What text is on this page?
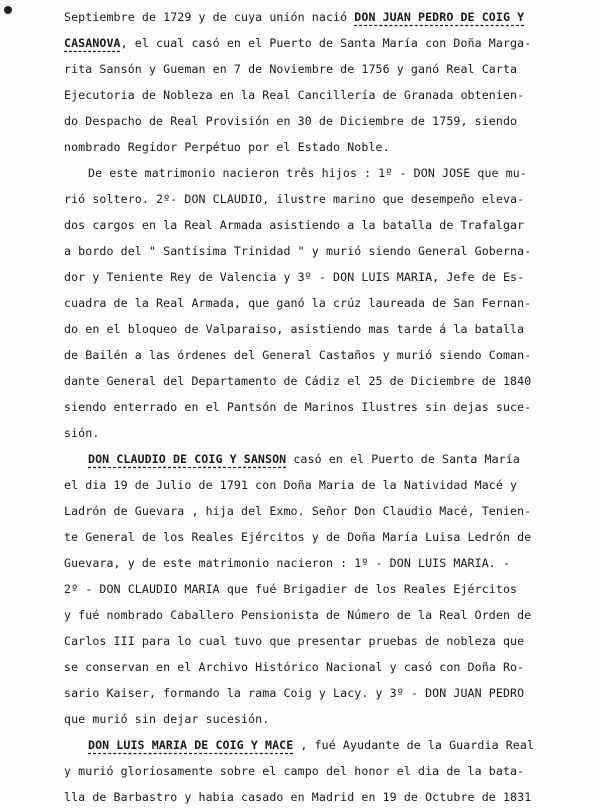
Septiembre de 1729 y de cuya unión nació DON JUAN PEDRO DE COIG Y
CASANOVA, el cual casó en el Puerto de Santa María con Doña Marga-
rita Sansón y Gueman en 7 de Noviembre de 1756 y ganó Real Carta
Ejecutoria de Nobleza en la Real Cancillería de Granada obtenien-
do Despacho de Real Provisión en 30 de Diciembre de 1759, siendo
nombrado Regidor Perpétuo por el Estado Noble.
De este matrimonio nacieron três hijos : 1º - DON JOSE que mu-
rió soltero. 2º- DON CLAUDIO, ilustre marino que desempeño eleva-
dos cargos en la Real Armada asistiendo a la batalla de Trafalgar
a bordo del " Santísima Trinidad " y murió siendo General Goberna-
dor y Teniente Rey de Valencia y 3º - DON LUIS MARIA, Jefe de Es-
cuadra de la Real Armada, que ganó la crúz laureada de San Fernan-
do en el bloqueo de Valparaiso, asistiendo mas tarde á la batalla
de Bailén a las órdenes del General Castaños y murió siendo Coman-
dante General del Departamento de Cádiz el 25 de Diciembre de 1840
siendo enterrado en el Pantsón de Marinos Ilustres sin dejas suce-
sión.
DON CLAUDIO DE COIG Y SANSON casó en el Puerto de Santa María
el dia 19 de Julio de 1791 con Doña Maria de la Natividad Macé y
Ladrón de Guevara , hija del Exmo. Señor Don Claudio Macé, Tenien-
te General de los Reales Ejércitos y de Doña María Luisa Ledrón de
Guevara, y de este matrimonio nacieron : 1º - DON LUIS MARIA. -
2º - DON CLAUDIO MARIA que fué Brigadier de los Reales Ejércitos
y fué nombrado Caballero Pensionista de Número de la Real Orden de
Carlos III para lo cual tuvo que presentar pruebas de nobleza que
se conservan en el Archivo Histórico Nacional y casó con Doña Ro-
sario Kaiser, formando la rama Coig y Lacy. y 3º - DON JUAN PEDRO
que murió sin dejar sucesión.
DON LUIS MARIA DE COIG Y MACE , fué Ayudante de la Guardia Real
y murió gloriosamente sobre el campo del honor el dia de la bata-
lla de Barbastro y habia casado en Madrid en 19 de Octubre de 1831
